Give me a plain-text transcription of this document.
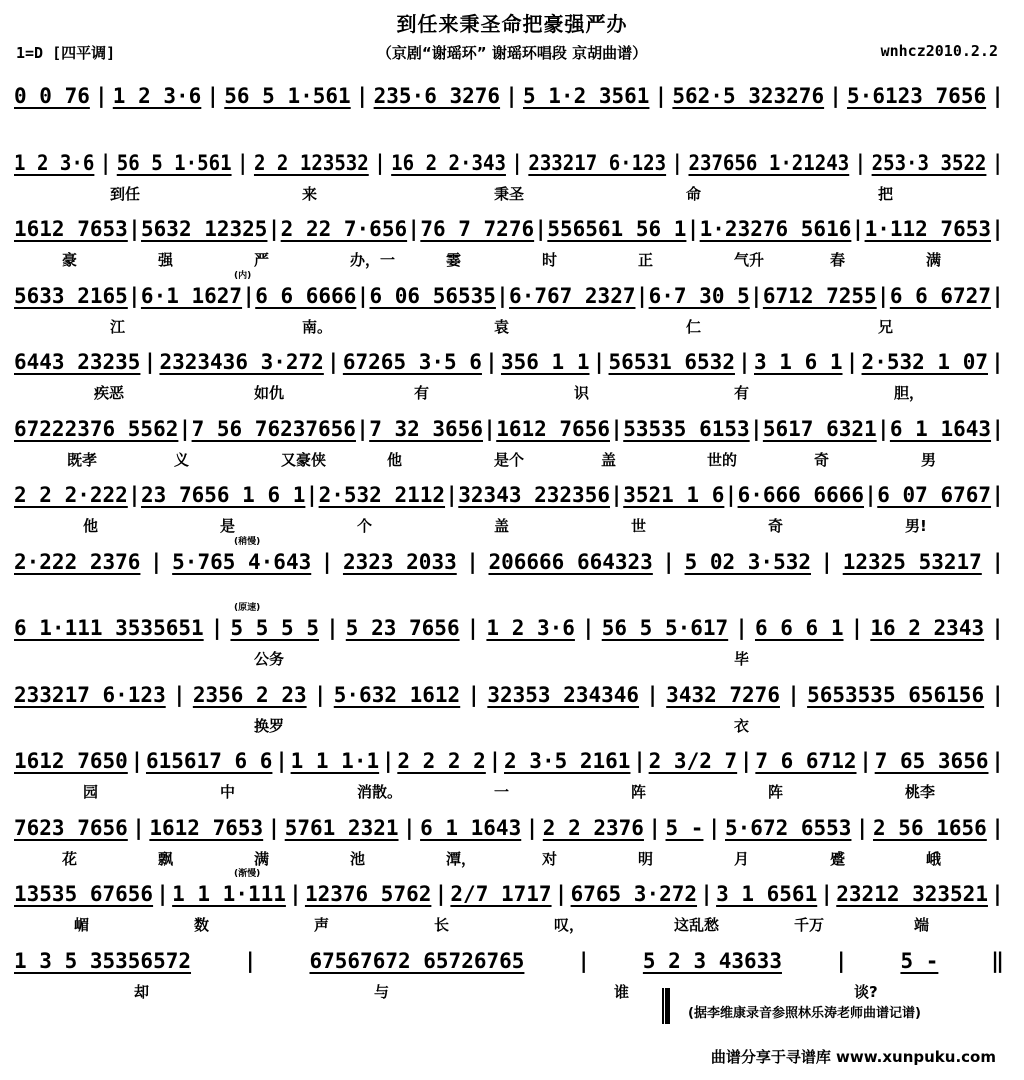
到任来秉圣命把豪强严办
1=D [四平调]	（京剧“谢瑶环” 谢瑶环唱段 京胡曲谱）	wnhcz2010.2.2
0 0 76 | 1 2 3·6 | 56 5 1·561 | 235·6 3276 | 5 1·2 3561 | 562·5 323276 | 5·6123 7656 |
1 2 3·6 | 56 5 1·561 | 2 2 123532 | 16 2 2·343 | 233217 6·123 | 237656 1·21243 | 253·3 3522 |
到任	来	秉圣	命	把
1612 7653 | 5632 12325 | 2 22 7·656 | 76 7 7276 | 556561 56 1 | 1·23276 5616 | 1·112 7653 |
豪	强	严	办，一	霎	时	正	气升	春	满
5633 2165 | 6·1 1627 | 6 6 6666 | 6 06 56535 | 6·767 2327 | 6·7 30 5 | 6712 7255 | 6 6 6727 |
江	南。	袁	仁	兄
(内)
6443 23235 | 2323436 3·272 | 67265 3·5 6 | 356 1 1 | 56531 6532 | 3 1 6 1 | 2·532 1 07 |
疾恶	如仇	有	识	有	胆，
67222376 5562 | 7 56 76237656 | 7 32 3656 | 1612 7656 | 53535 6153 | 5617 6321 | 6 1 1643 |
既孝	义	又豪侠	他	是个	盖	世的	奇	男
2 2 2·222 | 23 7656 1 6 1 | 2·532 2112 | 32343 232356 | 3521 1 6 | 6·666 6666 | 6 07 6767 |
他	是	个	盖	世	奇	男!
2·222 2376 | 5·765 4·643 | 2323 2033 | 206666 664323 | 5 02 3·532 | 12325 53217 |
(稍慢)
6 1·111 3535651 | 5 5 5 5 | 5 23 7656 | 1 2 3·6 | 56 5 5·617 | 6 6 6 1 | 16 2 2343 |
公务	毕
(原速)
233217 6·123 | 2356 2 23 | 5·632 1612 | 32353 234346 | 3432 7276 | 5653535 656156 |
换罗	衣
1612 7650 | 615617 6 6 | 1 1 1·1 | 2 2 2 2 | 2 3·5 2161 | 2 3/2 7 | 7 6 6712 | 7 65 3656 |
园	中	消散。	一	阵	阵	桃李
7623 7656 | 1612 7653 | 5761 2321 | 6 1 1643 | 2 2 2376 | 5 - | 5·672 6553 | 2 56 1656 |
花	飘	满	池	潭，	对	明	月	蹙	峨
13535 67656 | 1 1 1·111 | 12376 5762 | 2/7 1717 | 6765 3·272 | 3 1 6561 | 23212 323521 |
嵋	数	声	长	叹，	这乱愁	千万	端
(渐慢)
1 3 5 35356572	|	67567672 65726765	|	5 2 3 43633	|	5 -	‖
却	与	谁	谈?
(据李维康录音参照林乐涛老师曲谱记谱)
曲谱分享于寻谱库 www.xunpuku.com
